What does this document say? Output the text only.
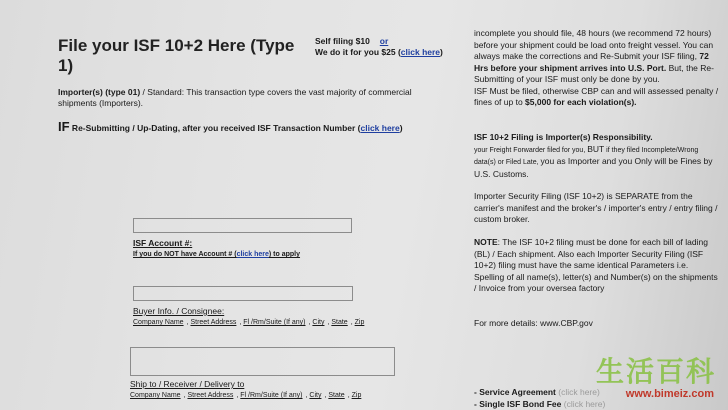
File your ISF 10+2 Here (Type 1)
Self filing $10 or
We do it for you $25 (click here)
Importer(s) (type 01) / Standard: This transaction type covers the vast majority of commercial shipments (Importers).
IF Re-Submitting / Up-Dating, after you received ISF Transaction Number (click here)
ISF Account #:
If you do NOT have Account # (click here) to apply
Buyer Info. / Consignee:
Company Name , Street Address , Fl /Rm/Suite (If any) , City , State , Zip
Ship to / Receiver / Delivery to
Company Name , Street Address , Fl /Rm/Suite (If any) , City , State , Zip
incomplete you should file, 48 hours (we recommend 72 hours) before your shipment could be load onto freight vessel. You can always make the corrections and Re-Submit your ISF filing, 72 Hrs before your shipment arrives into U.S. Port. But, the Re-Submitting of your ISF must only be done by you.
ISF Must be filed, otherwise CBP can and will assessed penalty / fines of up to $5,000 for each violation(s).
ISF 10+2 Filing is Importer(s) Responsibility.
your Freight Forwarder filed for you, BUT if they filed Incomplete/Wrong data(s) or Filed Late, you as Importer and you Only will be Fines by U.S. Customs.
Importer Security Filing (ISF 10+2) is SEPARATE from the carrier's manifest and the broker's / importer's entry / entry filing / custom broker.
NOTE: The ISF 10+2 filing must be done for each bill of lading (BL) / Each shipment. Also each Importer Security Filing (ISF 10+2) filing must have the same identical Parameters i.e. Spelling of all name(s), letter(s) and Number(s) on the shipments / Invoice from your oversea factory
For more details: www.CBP.gov
- Service Agreement (click here)
- Single ISF Bond Fee (click here)
生活百科
www.bimeiz.com
